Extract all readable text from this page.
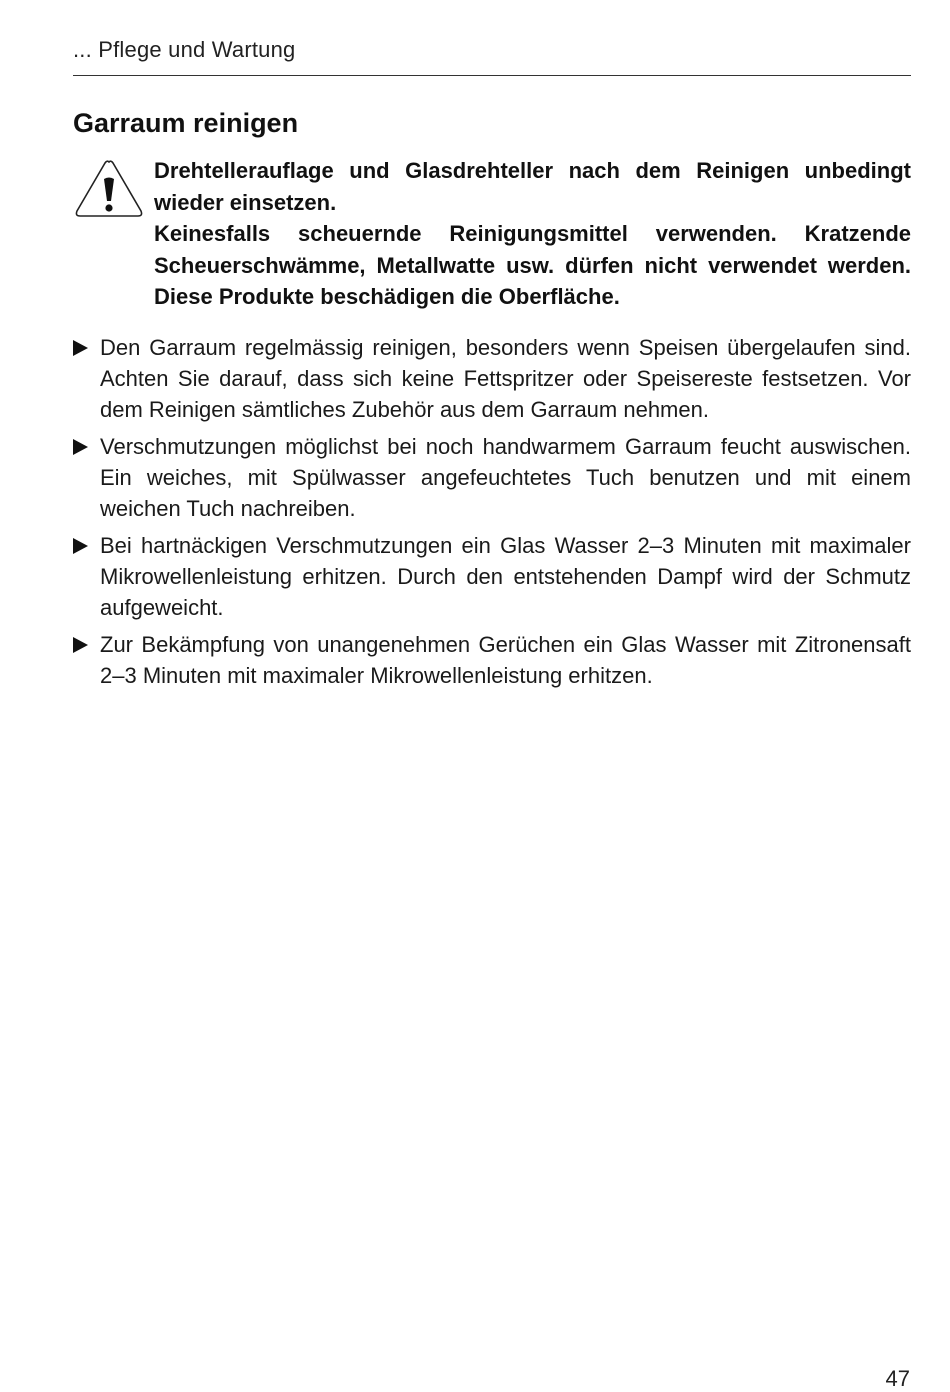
... Pflege und Wartung
Garraum reinigen

Drehtellerauflage und Glasdrehteller nach dem Reinigen unbedingt wieder einsetzen.

Keinesfalls scheuernde Reinigungsmittel verwenden. Kratzende Scheuerschwämme, Metallwatte usw. dürfen nicht verwendet werden. Diese Produkte beschädigen die Oberfläche.

Den Garraum regelmässig reinigen, besonders wenn Speisen übergelaufen sind. Achten Sie darauf, dass sich keine Fettspritzer oder Speisereste festsetzen. Vor dem Reinigen sämtliches Zubehör aus dem Garraum nehmen.
Verschmutzungen möglichst bei noch handwarmem Garraum feucht auswischen. Ein weiches, mit Spülwasser angefeuchtetes Tuch benutzen und mit einem weichen Tuch nachreiben.
Bei hartnäckigen Verschmutzungen ein Glas Wasser 2–3 Minuten mit maximaler Mikrowellenleistung erhitzen. Durch den entstehenden Dampf wird der Schmutz aufgeweicht.
Zur Bekämpfung von unangenehmen Gerüchen ein Glas Wasser mit Zitronensaft 2–3 Minuten mit maximaler Mikrowellenleistung erhitzen.
47
